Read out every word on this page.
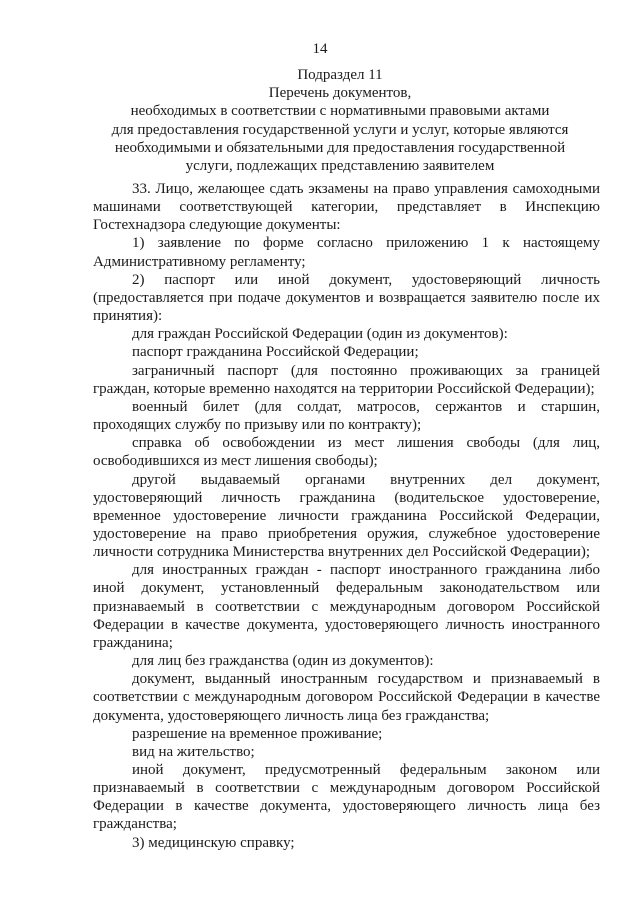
14
Подраздел 11
Перечень документов,
необходимых в соответствии с нормативными правовыми актами
для предоставления государственной услуги и услуг, которые являются
необходимыми и обязательными для предоставления государственной
услуги, подлежащих представлению заявителем

33. Лицо, желающее сдать экзамены на право управления самоходными машинами соответствующей категории, представляет в Инспекцию Гостехнадзора следующие документы:

1) заявление по форме согласно приложению 1 к настоящему Административному регламенту;

2) паспорт или иной документ, удостоверяющий личность (предоставляется при подаче документов и возвращается заявителю после их принятия):

для граждан Российской Федерации (один из документов):

паспорт гражданина Российской Федерации;

заграничный паспорт (для постоянно проживающих за границей граждан, которые временно находятся на территории Российской Федерации);

военный билет (для солдат, матросов, сержантов и старшин, проходящих службу по призыву или по контракту);

справка об освобождении из мест лишения свободы (для лиц, освободившихся из мест лишения свободы);

другой выдаваемый органами внутренних дел документ, удостоверяющий личность гражданина (водительское удостоверение, временное удостоверение личности гражданина Российской Федерации, удостоверение на право приобретения оружия, служебное удостоверение личности сотрудника Министерства внутренних дел Российской Федерации);

для иностранных граждан - паспорт иностранного гражданина либо иной документ, установленный федеральным законодательством или признаваемый в соответствии с международным договором Российской Федерации в качестве документа, удостоверяющего личность иностранного гражданина;

для лиц без гражданства (один из документов):

документ, выданный иностранным государством и признаваемый в соответствии с международным договором Российской Федерации в качестве документа, удостоверяющего личность лица без гражданства;

разрешение на временное проживание;

вид на жительство;

иной документ, предусмотренный федеральным законом или признаваемый в соответствии с международным договором Российской Федерации в качестве документа, удостоверяющего личность лица без гражданства;

3) медицинскую справку;
